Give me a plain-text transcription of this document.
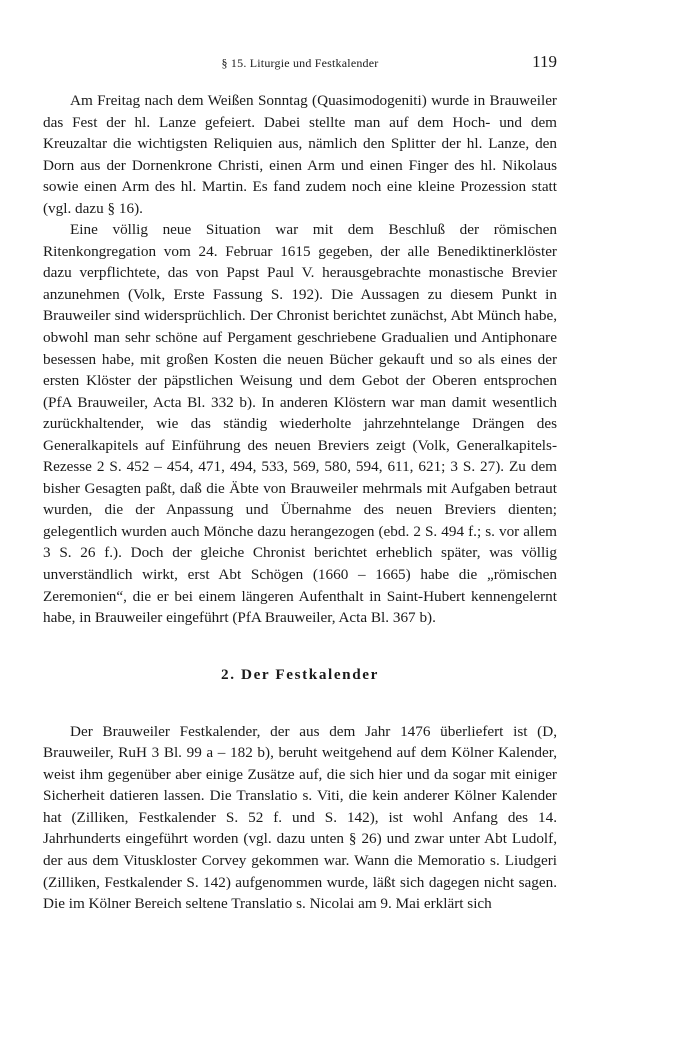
§ 15. Liturgie und Festkalender	119

Am Freitag nach dem Weißen Sonntag (Quasimodogeniti) wurde in Brauweiler das Fest der hl. Lanze gefeiert. Dabei stellte man auf dem Hoch- und dem Kreuzaltar die wichtigsten Reliquien aus, nämlich den Splitter der hl. Lanze, den Dorn aus der Dornenkrone Christi, einen Arm und einen Finger des hl. Nikolaus sowie einen Arm des hl. Martin. Es fand zudem noch eine kleine Prozession statt (vgl. dazu § 16).

Eine völlig neue Situation war mit dem Beschluß der römischen Ritenkongregation vom 24. Februar 1615 gegeben, der alle Benediktinerklöster dazu verpflichtete, das von Papst Paul V. herausgebrachte monastische Brevier anzunehmen (Volk, Erste Fassung S. 192). Die Aussagen zu diesem Punkt in Brauweiler sind widersprüchlich. Der Chronist berichtet zunächst, Abt Münch habe, obwohl man sehr schöne auf Pergament geschriebene Gradualien und Antiphonare besessen habe, mit großen Kosten die neuen Bücher gekauft und so als eines der ersten Klöster der päpstlichen Weisung und dem Gebot der Oberen entsprochen (PfA Brauweiler, Acta Bl. 332 b). In anderen Klöstern war man damit wesentlich zurückhaltender, wie das ständig wiederholte jahrzehntelange Drängen des Generalkapitels auf Einführung des neuen Breviers zeigt (Volk, Generalkapitels-Rezesse 2 S. 452 – 454, 471, 494, 533, 569, 580, 594, 611, 621; 3 S. 27). Zu dem bisher Gesagten paßt, daß die Äbte von Brauweiler mehrmals mit Aufgaben betraut wurden, die der Anpassung und Übernahme des neuen Breviers dienten; gelegentlich wurden auch Mönche dazu herangezogen (ebd. 2 S. 494 f.; s. vor allem 3 S. 26 f.). Doch der gleiche Chronist berichtet erheblich später, was völlig unverständlich wirkt, erst Abt Schögen (1660 – 1665) habe die „römischen Zeremonien“, die er bei einem längeren Aufenthalt in Saint-Hubert kennengelernt habe, in Brauweiler eingeführt (PfA Brauweiler, Acta Bl. 367 b).

2. Der Festkalender

Der Brauweiler Festkalender, der aus dem Jahr 1476 überliefert ist (D, Brauweiler, RuH 3 Bl. 99 a – 182 b), beruht weitgehend auf dem Kölner Kalender, weist ihm gegenüber aber einige Zusätze auf, die sich hier und da sogar mit einiger Sicherheit datieren lassen. Die Translatio s. Viti, die kein anderer Kölner Kalender hat (Zilliken, Festkalender S. 52 f. und S. 142), ist wohl Anfang des 14. Jahrhunderts eingeführt worden (vgl. dazu unten § 26) und zwar unter Abt Ludolf, der aus dem Vituskloster Corvey gekommen war. Wann die Memoratio s. Liudgeri (Zilliken, Festkalender S. 142) aufgenommen wurde, läßt sich dagegen nicht sagen. Die im Kölner Bereich seltene Translatio s. Nicolai am 9. Mai erklärt sich
